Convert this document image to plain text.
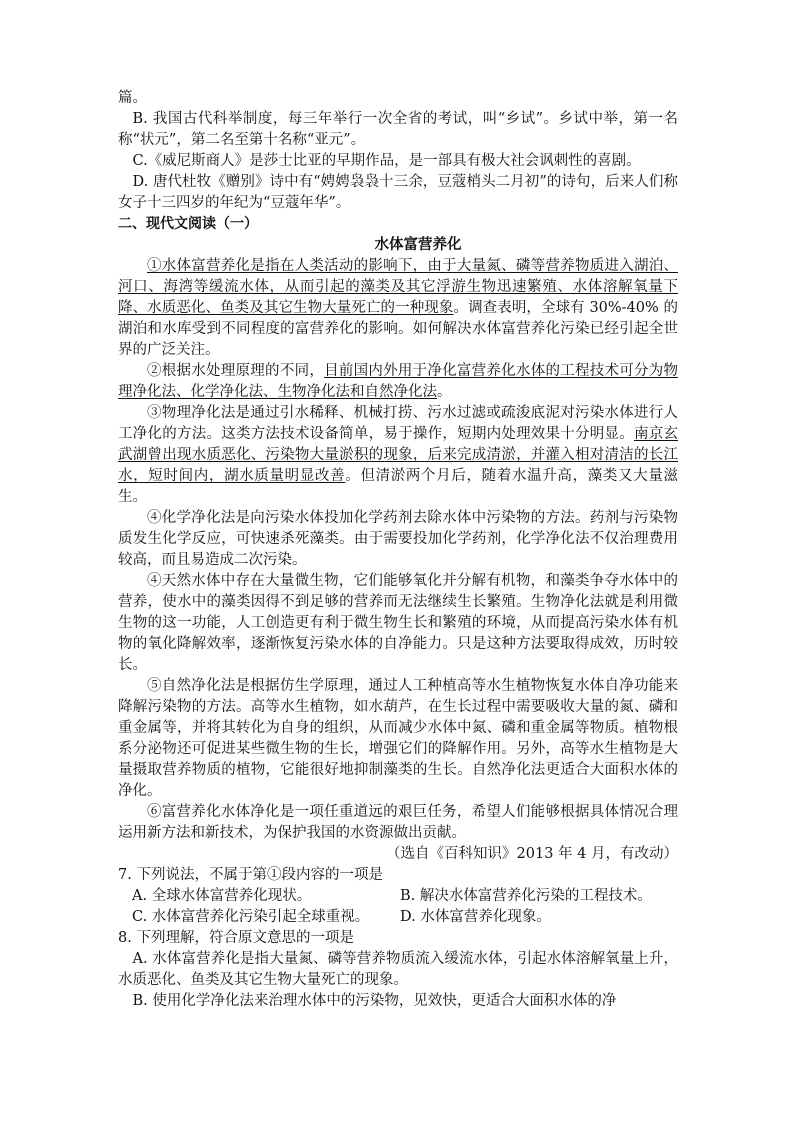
篇。

B. 我国古代科举制度，每三年举行一次全省的考试，叫“乡试”。乡试中举，第一名称“状元”，第二名至第十名称“亚元”。

C.《威尼斯商人》是莎士比亚的早期作品，是一部具有极大社会讽刺性的喜剧。

D. 唐代杜牧《赠别》诗中有“娉娉袅袅十三余，豆蔻梢头二月初”的诗句，后来人们称女子十三四岁的年纪为“豆蔻年华”。

二、现代文阅读（一）

水体富营养化

①水体富营养化是指在人类活动的影响下，由于大量氮、磷等营养物质进入湖泊、河口、海湾等缓流水体，从而引起的藻类及其它浮游生物迅速繁殖、水体溶解氧量下降、水质恶化、鱼类及其它生物大量死亡的一种现象。调查表明，全球有 30%-40% 的湖泊和水库受到不同程度的富营养化的影响。如何解决水体富营养化污染已经引起全世界的广泛关注。

②根据水处理原理的不同，目前国内外用于净化富营养化水体的工程技术可分为物理净化法、化学净化法、生物净化法和自然净化法。

③物理净化法是通过引水稀释、机械打捞、污水过滤或疏浚底泥对污染水体进行人工净化的方法。这类方法技术设备简单，易于操作，短期内处理效果十分明显。南京玄武湖曾出现水质恶化、污染物大量淤积的现象，后来完成清淤，并灌入相对清洁的长江水，短时间内，湖水质量明显改善。但清淤两个月后，随着水温升高，藻类又大量滋生。

④化学净化法是向污染水体投加化学药剂去除水体中污染物的方法。药剂与污染物质发生化学反应，可快速杀死藻类。由于需要投加化学药剂，化学净化法不仅治理费用较高，而且易造成二次污染。

④天然水体中存在大量微生物，它们能够氧化并分解有机物，和藻类争夺水体中的营养，使水中的藻类因得不到足够的营养而无法继续生长繁殖。生物净化法就是利用微生物的这一功能，人工创造更有利于微生物生长和繁殖的环境，从而提高污染水体有机物的氧化降解效率，逐渐恢复污染水体的自净能力。只是这种方法要取得成效，历时较长。

⑤自然净化法是根据仿生学原理，通过人工种植高等水生植物恢复水体自净功能来降解污染物的方法。高等水生植物，如水葫芦，在生长过程中需要吸收大量的氮、磷和重金属等，并将其转化为自身的组织，从而减少水体中氮、磷和重金属等物质。植物根系分泌物还可促进某些微生物的生长，增强它们的降解作用。另外，高等水生植物是大量摄取营养物质的植物，它能很好地抑制藻类的生长。自然净化法更适合大面积水体的净化。

⑥富营养化水体净化是一项任重道远的艰巨任务，希望人们能够根据具体情况合理运用新方法和新技术，为保护我国的水资源做出贡献。

（选自《百科知识》2013 年 4 月，有改动）

7. 下列说法，不属于第①段内容的一项是

A. 全球水体富营养化现状。	B. 解决水体富营养化污染的工程技术。
C. 水体富营养化污染引起全球重视。	D. 水体富营养化现象。

8. 下列理解，符合原文意思的一项是

A. 水体富营养化是指大量氮、磷等营养物质流入缓流水体，引起水体溶解氧量上升，水质恶化、鱼类及其它生物大量死亡的现象。

B. 使用化学净化法来治理水体中的污染物，见效快，更适合大面积水体的净
